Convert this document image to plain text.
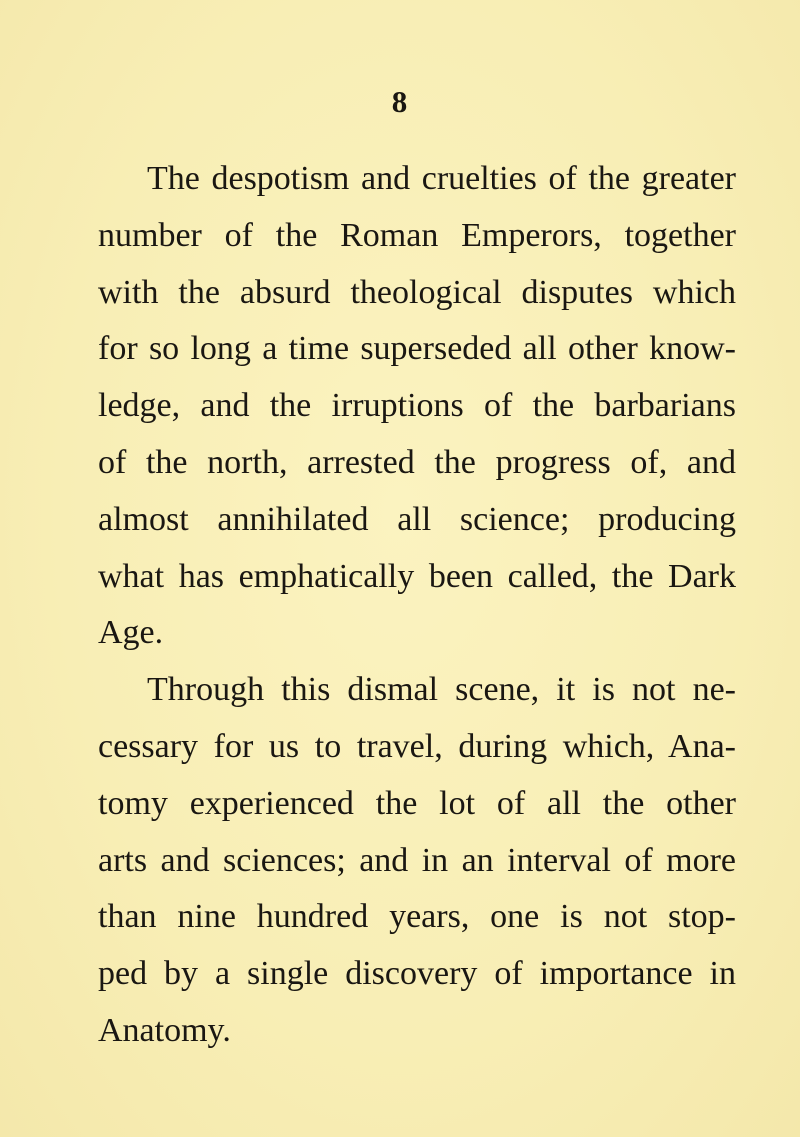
8
The despotism and cruelties of the greater
number of the Roman Emperors, together
with the absurd theological disputes which
for so long a time superseded all other know-
ledge, and the irruptions of the barbarians
of the north, arrested the progress of, and
almost annihilated all science; producing
what has emphatically been called, the Dark
Age.
Through this dismal scene, it is not ne-
cessary for us to travel, during which, Ana-
tomy experienced the lot of all the other
arts and sciences; and in an interval of more
than nine hundred years, one is not stop-
ped by a single discovery of importance in
Anatomy.
